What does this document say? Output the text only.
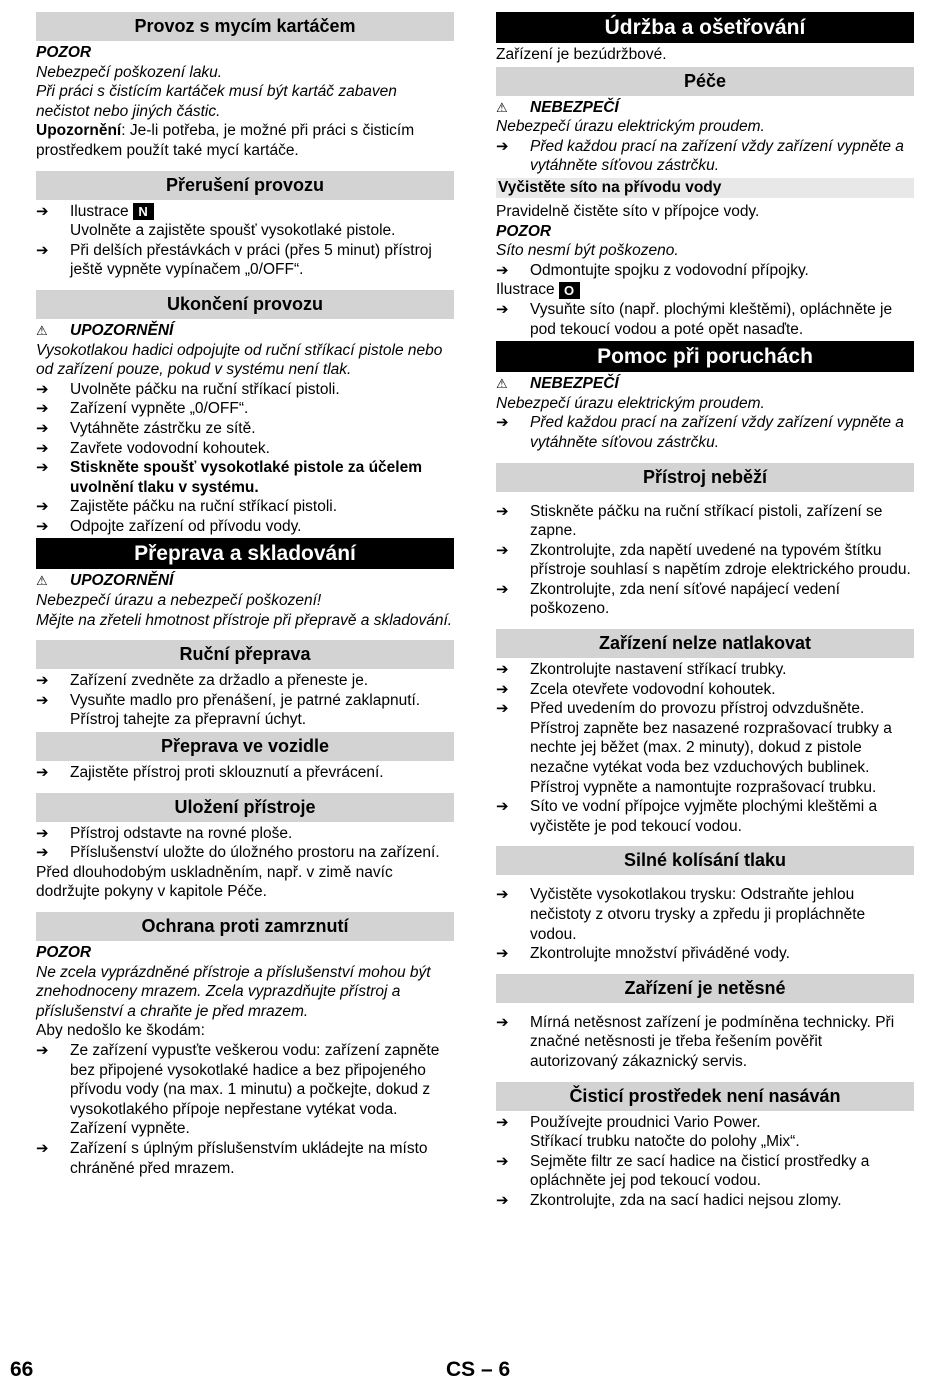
Provoz s mycím kartáčem
POZOR
Nebezpečí poškození laku.
Při práci s čistícím kartáček musí být kartáč zabaven nečistot nebo jiných částic.
Upozornění: Je-li potřeba, je možné při práci s čisticím prostředkem použít také mycí kartáče.
Přerušení provozu
➔	Ilustrace N
Uvolněte a zajistěte spoušť vysokotlaké pistole.
➔	Při delších přestávkách v práci (přes 5 minut) přístroj ještě vypněte vypínačem „0/OFF“.
Ukončení provozu
⚠ UPOZORNĚNÍ
Vysokotlakou hadici odpojujte od ruční stříkací pistole nebo od zařízení pouze, pokud v systému není tlak.
➔	Uvolněte páčku na ruční stříkací pistoli.
➔	Zařízení vypněte „0/OFF“.
➔	Vytáhněte zástrčku ze sítě.
➔	Zavřete vodovodní kohoutek.
➔	Stiskněte spoušť vysokotlaké pistole za účelem uvolnění tlaku v systému.
➔	Zajistěte páčku na ruční stříkací pistoli.
➔	Odpojte zařízení od přívodu vody.
Přeprava a skladování
⚠ UPOZORNĚNÍ
Nebezpečí úrazu a nebezpečí poškození!
Mějte na zřeteli hmotnost přístroje při přepravě a skladování.
Ruční přeprava
➔	Zařízení zvedněte za držadlo a přeneste je.
➔	Vysuňte madlo pro přenášení, je patrné zaklapnutí. Přístroj tahejte za přepravní úchyt.
Přeprava ve vozidle
➔	Zajistěte přístroj proti sklouznutí a převrácení.
Uložení přístroje
➔	Přístroj odstavte na rovné ploše.
➔	Příslušenství uložte do úložného prostoru na zařízení.
Před dlouhodobým uskladněním, např. v zimě navíc dodržujte pokyny v kapitole Péče.
Ochrana proti zamrznutí
POZOR
Ne zcela vyprázdněné přístroje a příslušenství mohou být znehodnoceny mrazem. Zcela vyprazdňujte přístroj a příslušenství a chraňte je před mrazem.
Aby nedošlo ke škodám:
➔	Ze zařízení vypusťte veškerou vodu: zařízení zapněte bez připojené vysokotlaké hadice a bez připojeného přívodu vody (na max. 1 minutu) a počkejte, dokud z vysokotlakého přípoje nepřestane vytékat voda. Zařízení vypněte.
➔	Zařízení s úplným příslušenstvím ukládejte na místo chráněné před mrazem.
Údržba a ošetřování
Zařízení je bezúdržbové.
Péče
⚠ NEBEZPEČÍ
Nebezpečí úrazu elektrickým proudem.
➔	Před každou prací na zařízení vždy zařízení vypněte a vytáhněte síťovou zástrčku.
Vyčistěte síto na přívodu vody
Pravidelně čistěte síto v přípojce vody.
POZOR
Síto nesmí být poškozeno.
➔	Odmontujte spojku z vodovodní přípojky.
Ilustrace O
➔	Vysuňte síto (např. plochými kleštěmi), opláchněte je pod tekoucí vodou a poté opět nasaďte.
Pomoc při poruchách
⚠ NEBEZPEČÍ
Nebezpečí úrazu elektrickým proudem.
➔	Před každou prací na zařízení vždy zařízení vypněte a vytáhněte síťovou zástrčku.
Přístroj neběží
➔	Stiskněte páčku na ruční stříkací pistoli, zařízení se zapne.
➔	Zkontrolujte, zda napětí uvedené na typovém štítku přístroje souhlasí s napětím zdroje elektrického proudu.
➔	Zkontrolujte, zda není síťové napájecí vedení poškozeno.
Zařízení nelze natlakovat
➔	Zkontrolujte nastavení stříkací trubky.
➔	Zcela otevřete vodovodní kohoutek.
➔	Před uvedením do provozu přístroj odvzdušněte. Přístroj zapněte bez nasazené rozprašovací trubky a nechte jej běžet (max. 2 minuty), dokud z pistole nezačne vytékat voda bez vzduchových bublinek. Přístroj vypněte a namontujte rozprašovací trubku.
➔	Síto ve vodní přípojce vyjměte plochými kleštěmi a vyčistěte je pod tekoucí vodou.
Silné kolísání tlaku
➔	Vyčistěte vysokotlakou trysku: Odstraňte jehlou nečistoty z otvoru trysky a zpředu ji propláchněte vodou.
➔	Zkontrolujte množství přiváděné vody.
Zařízení je netěsné
➔	Mírná netěsnost zařízení je podmíněna technicky. Při značné netěsnosti je třeba řešením pověřit autorizovaný zákaznický servis.
Čisticí prostředek není nasáván
➔	Používejte proudnici Vario Power.
Stříkací trubku natočte do polohy „Mix“.
➔	Sejměte filtr ze sací hadice na čisticí prostředky a opláchněte jej pod tekoucí vodou.
➔	Zkontrolujte, zda na sací hadici nejsou zlomy.
66	CS – 6
